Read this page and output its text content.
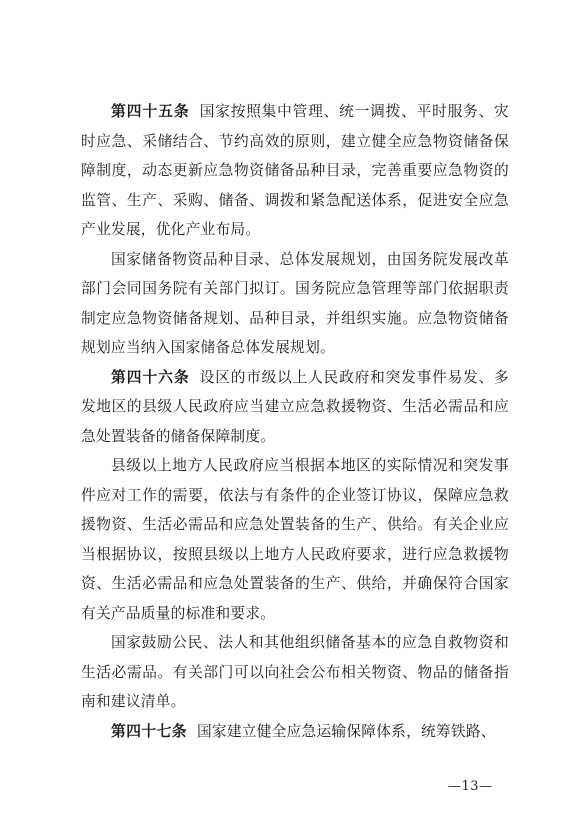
第四十五条 国家按照集中管理、统一调拨、平时服务、灾时应急、采储结合、节约高效的原则，建立健全应急物资储备保障制度，动态更新应急物资储备品种目录，完善重要应急物资的监管、生产、采购、储备、调拨和紧急配送体系，促进安全应急产业发展，优化产业布局。

国家储备物资品种目录、总体发展规划，由国务院发展改革部门会同国务院有关部门拟订。国务院应急管理等部门依据职责制定应急物资储备规划、品种目录，并组织实施。应急物资储备规划应当纳入国家储备总体发展规划。

第四十六条 设区的市级以上人民政府和突发事件易发、多发地区的县级人民政府应当建立应急救援物资、生活必需品和应急处置装备的储备保障制度。

县级以上地方人民政府应当根据本地区的实际情况和突发事件应对工作的需要，依法与有条件的企业签订协议，保障应急救援物资、生活必需品和应急处置装备的生产、供给。有关企业应当根据协议，按照县级以上地方人民政府要求，进行应急救援物资、生活必需品和应急处置装备的生产、供给，并确保符合国家有关产品质量的标准和要求。

国家鼓励公民、法人和其他组织储备基本的应急自救物资和生活必需品。有关部门可以向社会公布相关物资、物品的储备指南和建议清单。

第四十七条 国家建立健全应急运输保障体系，统筹铁路、

—13—
